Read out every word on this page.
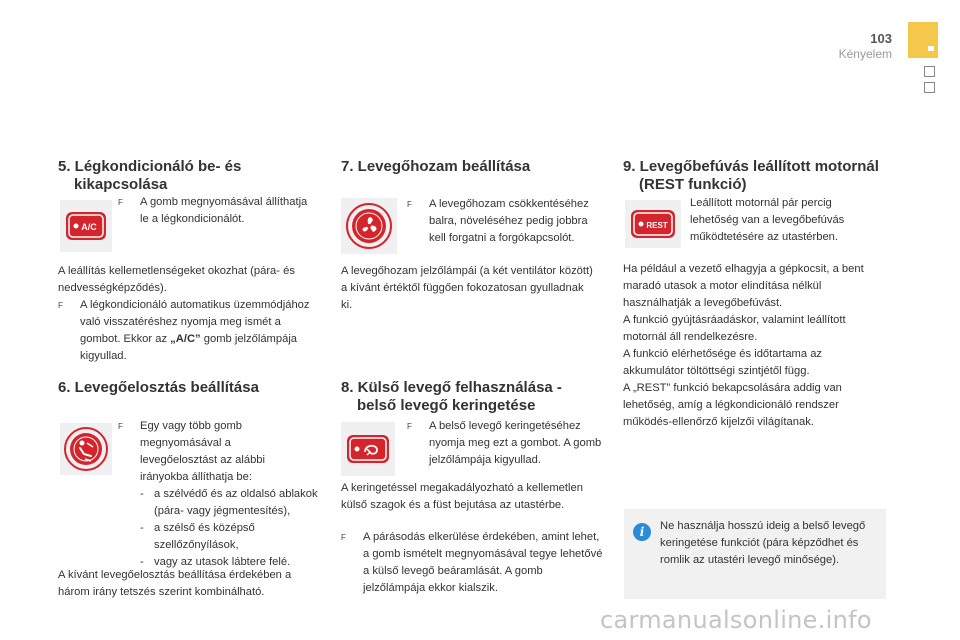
103
Kényelem
5. Légkondicionáló be- és kikapcsolása
A/C
F	A gomb megnyomásával állíthatja le a légkondicionálót.

A leállítás kellemetlenségeket okozhat (pára- és nedvességképződés).

F	A légkondicionáló automatikus üzemmódjához való visszatéréshez nyomja meg ismét a gombot. Ekkor az „A/C” gomb jelzőlámpája kigyullad.
6. Levegőelosztás beállítása
F Egy vagy több gomb megnyomásával a levegőelosztást az alábbi irányokba állíthatja be:
- a szélvédő és az oldalsó ablakok (pára- vagy jégmentesítés),
- a szélső és középső szellőzőnyílások,
- vagy az utasok lábtere felé.

A kívánt levegőelosztás beállítása érdekében a három irány tetszés szerint kombinálható.

7. Levegőhozam beállítása
F	A levegőhozam csökkentéséhez balra, növeléséhez pedig jobbra kell forgatni a forgókapcsolót.

A levegőhozam jelzőlámpái (a két ventilátor között) a kívánt értéktől függően fokozatosan gyulladnak ki.

8. Külső levegő felhasználása - belső levegő keringetése
F	A belső levegő keringetéséhez nyomja meg ezt a gombot. A gomb jelzőlámpája kigyullad.

A keringetéssel megakadályozható a kellemetlen külső szagok és a füst bejutása az utastérbe.

F	A párásodás elkerülése érdekében, amint lehet, a gomb ismételt megnyomásával tegye lehetővé a külső levegő beáramlását. A gomb jelzőlámpája ekkor kialszik.
9. Levegőbefúvás leállított motornál (REST funkció)
REST

Leállított motornál pár percig lehetőség van a levegőbefúvás működtetésére az utastérben.

Ha például a vezető elhagyja a gépkocsit, a bent maradó utasok a motor elindítása nélkül használhatják a levegőbefúvást.

A funkció gyújtásráadáskor, valamint leállított motornál áll rendelkezésre.

A funkció elérhetősége és időtartama az akkumulátor töltöttségi szintjétől függ.

A „REST” funkció bekapcsolására addig van lehetőség, amíg a légkondicionáló rendszer működés-ellenőrző kijelzői világítanak.

i	Ne használja hosszú ideig a belső levegő keringetése funkciót (pára képződhet és romlik az utastéri levegő minősége).
carmanualsonline.info
